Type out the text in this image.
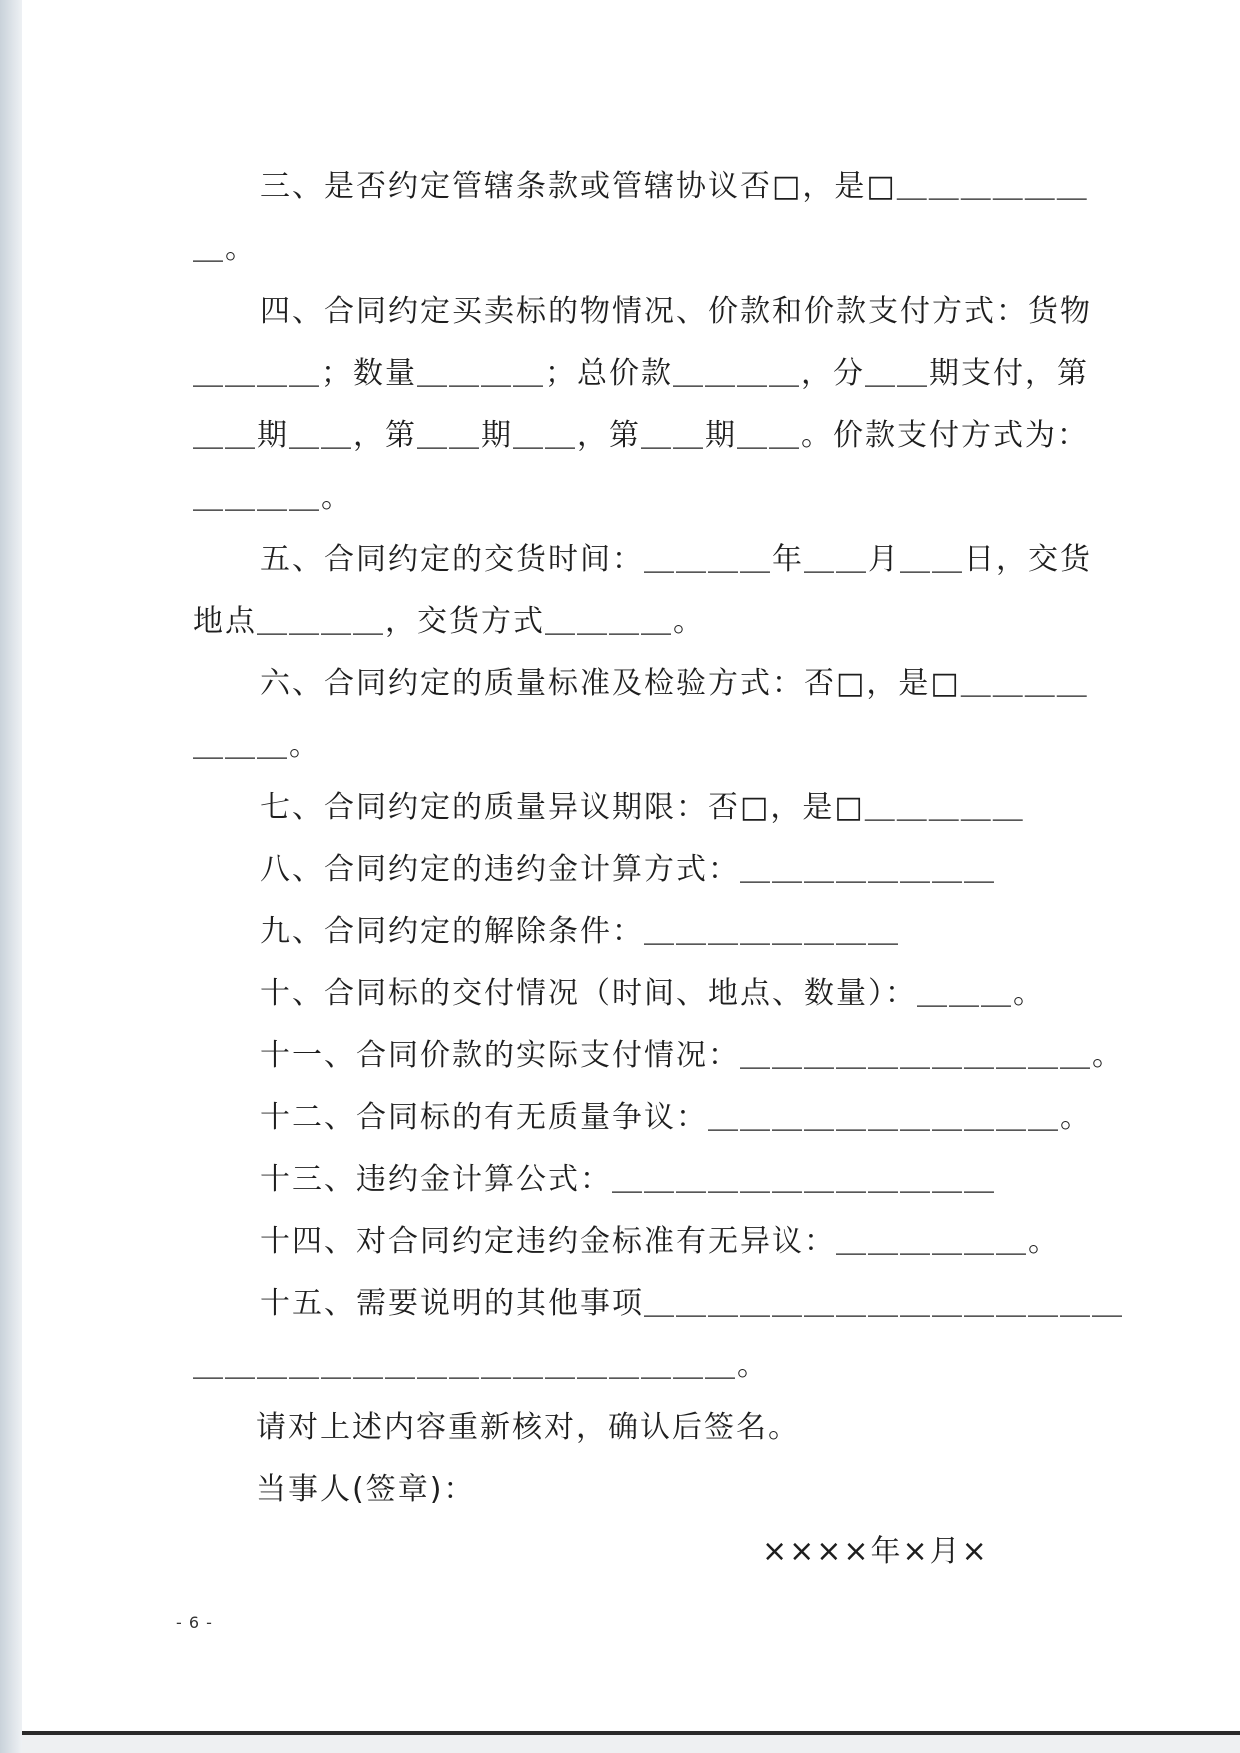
三、是否约定管辖条款或管辖协议否□，是□＿＿＿＿＿＿

＿。

四、合同约定买卖标的物情况、价款和价款支付方式：货物

＿＿＿＿；数量＿＿＿＿；总价款＿＿＿＿，分＿＿期支付，第

＿＿期＿＿，第＿＿期＿＿，第＿＿期＿＿。价款支付方式为：

＿＿＿＿。

五、合同约定的交货时间：＿＿＿＿年＿＿月＿＿日，交货

地点＿＿＿＿，交货方式＿＿＿＿。

六、合同约定的质量标准及检验方式：否□，是□＿＿＿＿

＿＿＿。

七、合同约定的质量异议期限：否□，是□＿＿＿＿＿

八、合同约定的违约金计算方式：＿＿＿＿＿＿＿＿

九、合同约定的解除条件：＿＿＿＿＿＿＿＿

十、合同标的交付情况（时间、地点、数量）：＿＿＿。

十一、合同价款的实际支付情况：＿＿＿＿＿＿＿＿＿＿＿。

十二、合同标的有无质量争议：＿＿＿＿＿＿＿＿＿＿＿。

十三、违约金计算公式：＿＿＿＿＿＿＿＿＿＿＿＿

十四、对合同约定违约金标准有无异议：＿＿＿＿＿＿。

十五、需要说明的其他事项＿＿＿＿＿＿＿＿＿＿＿＿＿＿＿

＿＿＿＿＿＿＿＿＿＿＿＿＿＿＿＿＿。

请对上述内容重新核对，确认后签名。

当事人(签章)：

××××年×月×

- 6 -
